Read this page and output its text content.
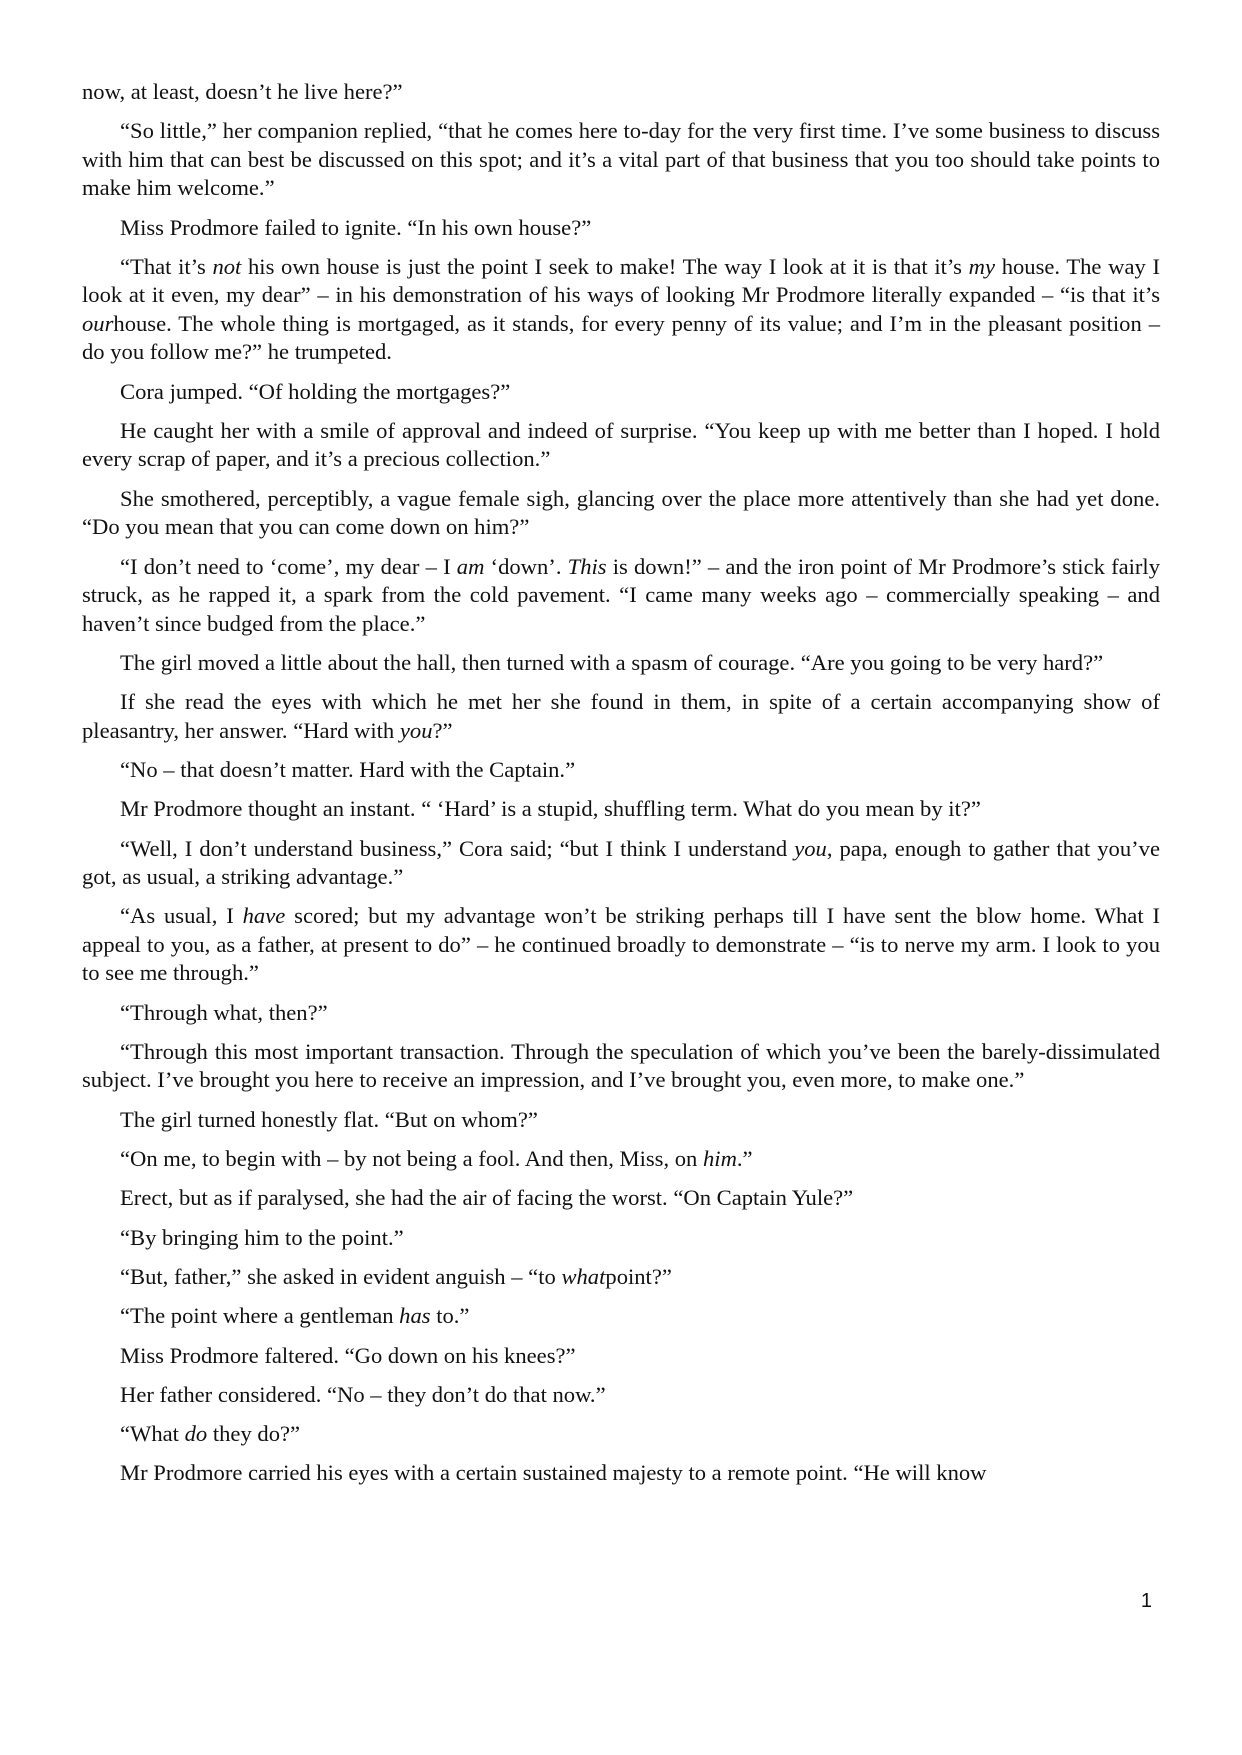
now, at least, doesn’t he live here?”

“So little,” her companion replied, “that he comes here to-day for the very first time. I’ve some business to discuss with him that can best be discussed on this spot; and it’s a vital part of that business that you too should take points to make him welcome.”

Miss Prodmore failed to ignite. “In his own house?”

“That it’s not his own house is just the point I seek to make! The way I look at it is that it’s my house. The way I look at it even, my dear” – in his demonstration of his ways of looking Mr Prodmore literally expanded – “is that it’s ourhouse. The whole thing is mortgaged, as it stands, for every penny of its value; and I’m in the pleasant position – do you follow me?” he trumpeted.

Cora jumped. “Of holding the mortgages?”

He caught her with a smile of approval and indeed of surprise. “You keep up with me better than I hoped. I hold every scrap of paper, and it’s a precious collection.”

She smothered, perceptibly, a vague female sigh, glancing over the place more attentively than she had yet done. “Do you mean that you can come down on him?”

“I don’t need to ‘come’, my dear – I am ‘down’. This is down!” – and the iron point of Mr Prodmore’s stick fairly struck, as he rapped it, a spark from the cold pavement. “I came many weeks ago – commercially speaking – and haven’t since budged from the place.”

The girl moved a little about the hall, then turned with a spasm of courage. “Are you going to be very hard?”

If she read the eyes with which he met her she found in them, in spite of a certain accompanying show of pleasantry, her answer. “Hard with you?”

“No – that doesn’t matter. Hard with the Captain.”

Mr Prodmore thought an instant. “ ‘Hard’ is a stupid, shuffling term. What do you mean by it?”

“Well, I don’t understand business,” Cora said; “but I think I understand you, papa, enough to gather that you’ve got, as usual, a striking advantage.”

“As usual, I have scored; but my advantage won’t be striking perhaps till I have sent the blow home. What I appeal to you, as a father, at present to do” – he continued broadly to demonstrate – “is to nerve my arm. I look to you to see me through.”

“Through what, then?”

“Through this most important transaction. Through the speculation of which you’ve been the barely-dissimulated subject. I’ve brought you here to receive an impression, and I’ve brought you, even more, to make one.”

The girl turned honestly flat. “But on whom?”

“On me, to begin with – by not being a fool. And then, Miss, on him.”

Erect, but as if paralysed, she had the air of facing the worst. “On Captain Yule?”

“By bringing him to the point.”

“But, father,” she asked in evident anguish – “to whatpoint?”

“The point where a gentleman has to.”

Miss Prodmore faltered. “Go down on his knees?”

Her father considered. “No – they don’t do that now.”

“What do they do?”

Mr Prodmore carried his eyes with a certain sustained majesty to a remote point. “He will know

1
